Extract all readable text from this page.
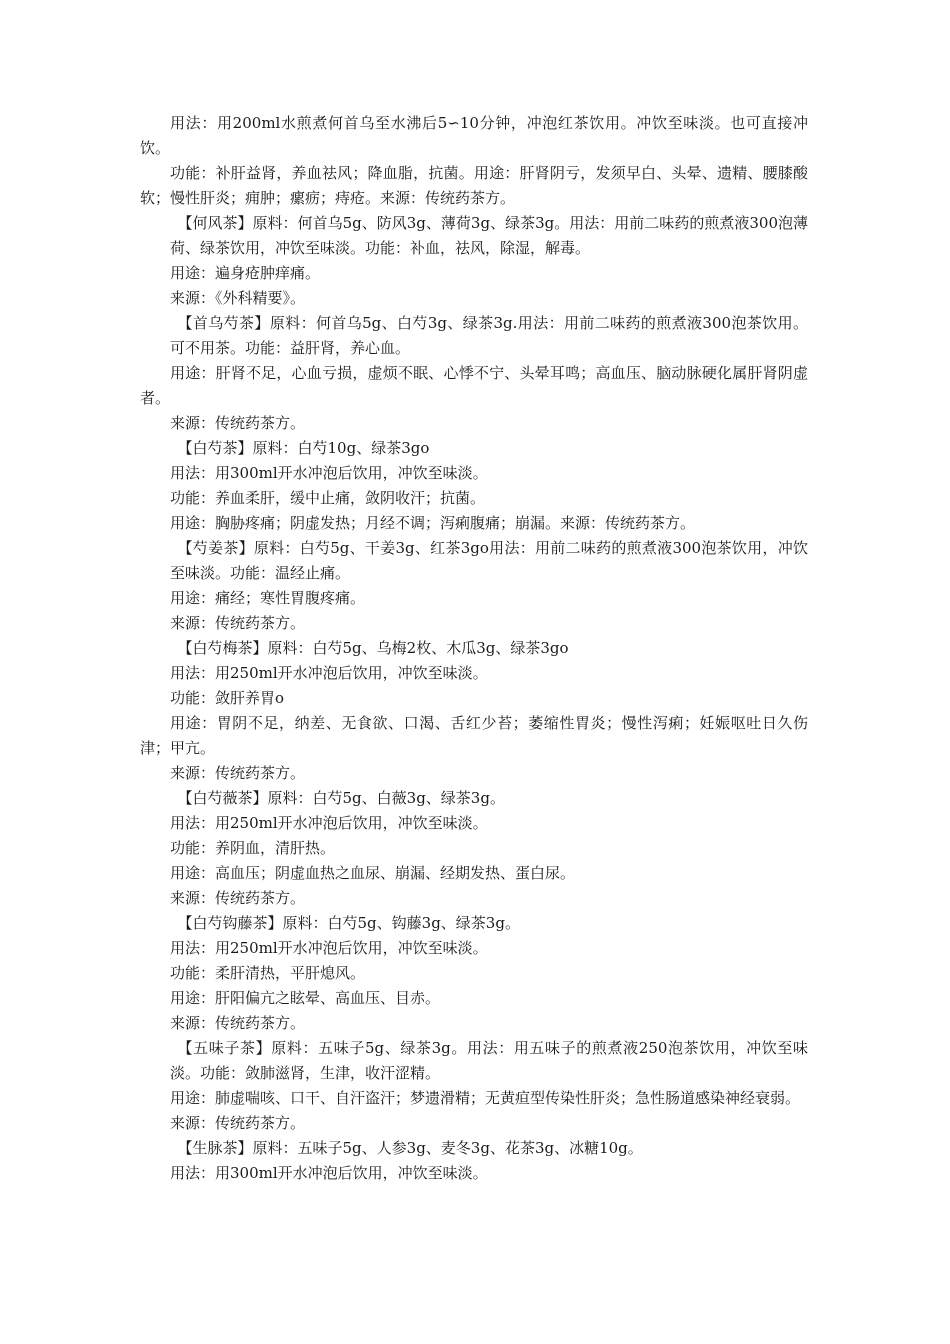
用法：用200ml水煎煮何首乌至水沸后5∽10分钟，冲泡红茶饮用。冲饮至味淡。也可直接冲饮。

功能：补肝益肾，养血祛风；降血脂，抗菌。用途：肝肾阴亏，发须早白、头晕、遗精、腰膝酸软；慢性肝炎；痈肿；瘰疬；痔疮。来源：传统药茶方。

【何风茶】原料：何首乌5g、防风3g、薄荷3g、绿茶3g。用法：用前二味药的煎煮液300泡薄荷、绿茶饮用，冲饮至味淡。功能：补血，祛风，除湿，解毒。

用途：遍身疮肿痒痛。

来源：《外科精要》。

【首乌芍茶】原料：何首乌5g、白芍3g、绿茶3g.用法：用前二味药的煎煮液300泡茶饮用。可不用茶。功能：益肝肾，养心血。

用途：肝肾不足，心血亏损，虚烦不眠、心悸不宁、头晕耳鸣；高血压、脑动脉硬化属肝肾阴虚者。

来源：传统药茶方。

【白芍茶】原料：白芍10g、绿茶3go

用法：用300ml开水冲泡后饮用，冲饮至味淡。

功能：养血柔肝，缓中止痛，敛阴收汗；抗菌。

用途：胸胁疼痛；阴虚发热；月经不调；泻痢腹痛；崩漏。来源：传统药茶方。

【芍姜茶】原料：白芍5g、干姜3g、红茶3go用法：用前二味药的煎煮液300泡茶饮用，冲饮至味淡。功能：温经止痛。

用途：痛经；寒性胃腹疼痛。

来源：传统药茶方。

【白芍梅茶】原料：白芍5g、乌梅2枚、木瓜3g、绿茶3go

用法：用250ml开水冲泡后饮用，冲饮至味淡。

功能：敛肝养胃o

用途：胃阴不足，纳差、无食欲、口渴、舌红少苔；萎缩性胃炎；慢性泻痢；妊娠呕吐日久伤津；甲亢。

来源：传统药茶方。

【白芍薇茶】原料：白芍5g、白薇3g、绿茶3g。

用法：用250ml开水冲泡后饮用，冲饮至味淡。

功能：养阴血，清肝热。

用途：高血压；阴虚血热之血尿、崩漏、经期发热、蛋白尿。

来源：传统药茶方。

【白芍钩藤茶】原料：白芍5g、钩藤3g、绿茶3g。

用法：用250ml开水冲泡后饮用，冲饮至味淡。

功能：柔肝清热，平肝熄风。

用途：肝阳偏亢之眩晕、高血压、目赤。

来源：传统药茶方。

【五味子茶】原料：五味子5g、绿茶3g。用法：用五味子的煎煮液250泡茶饮用，冲饮至味淡。功能：敛肺滋肾，生津，收汗涩精。

用途：肺虚喘咳、口干、自汗盗汗；梦遗滑精；无黄疸型传染性肝炎；急性肠道感染神经衰弱。

来源：传统药茶方。

【生脉茶】原料：五味子5g、人参3g、麦冬3g、花茶3g、冰糖10g。

用法：用300ml开水冲泡后饮用，冲饮至味淡。
